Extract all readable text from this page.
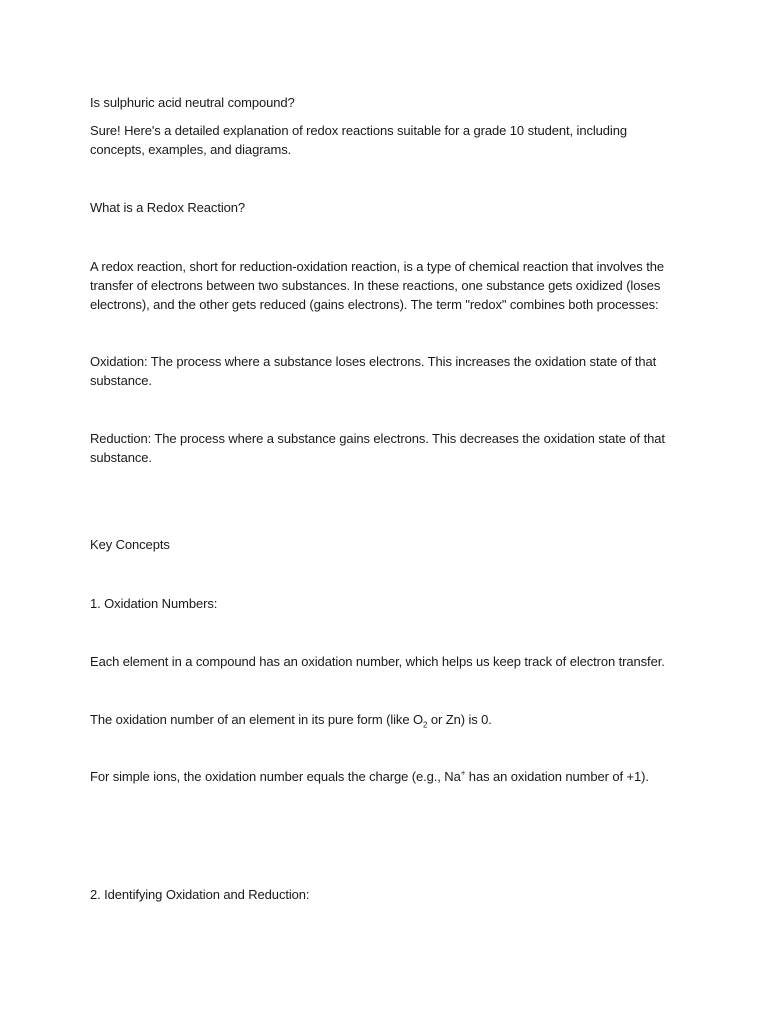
Is sulphuric acid neutral compound?

Sure! Here's a detailed explanation of redox reactions suitable for a grade 10 student, including concepts, examples, and diagrams.

What is a Redox Reaction?

A redox reaction, short for reduction-oxidation reaction, is a type of chemical reaction that involves the transfer of electrons between two substances. In these reactions, one substance gets oxidized (loses electrons), and the other gets reduced (gains electrons). The term "redox" combines both processes:

Oxidation: The process where a substance loses electrons. This increases the oxidation state of that substance.

Reduction: The process where a substance gains electrons. This decreases the oxidation state of that substance.

Key Concepts

1. Oxidation Numbers:

Each element in a compound has an oxidation number, which helps us keep track of electron transfer.

The oxidation number of an element in its pure form (like $O_2$ or Zn) is 0.

For simple ions, the oxidation number equals the charge (e.g., Na+ has an oxidation number of +1).

2. Identifying Oxidation and Reduction:
